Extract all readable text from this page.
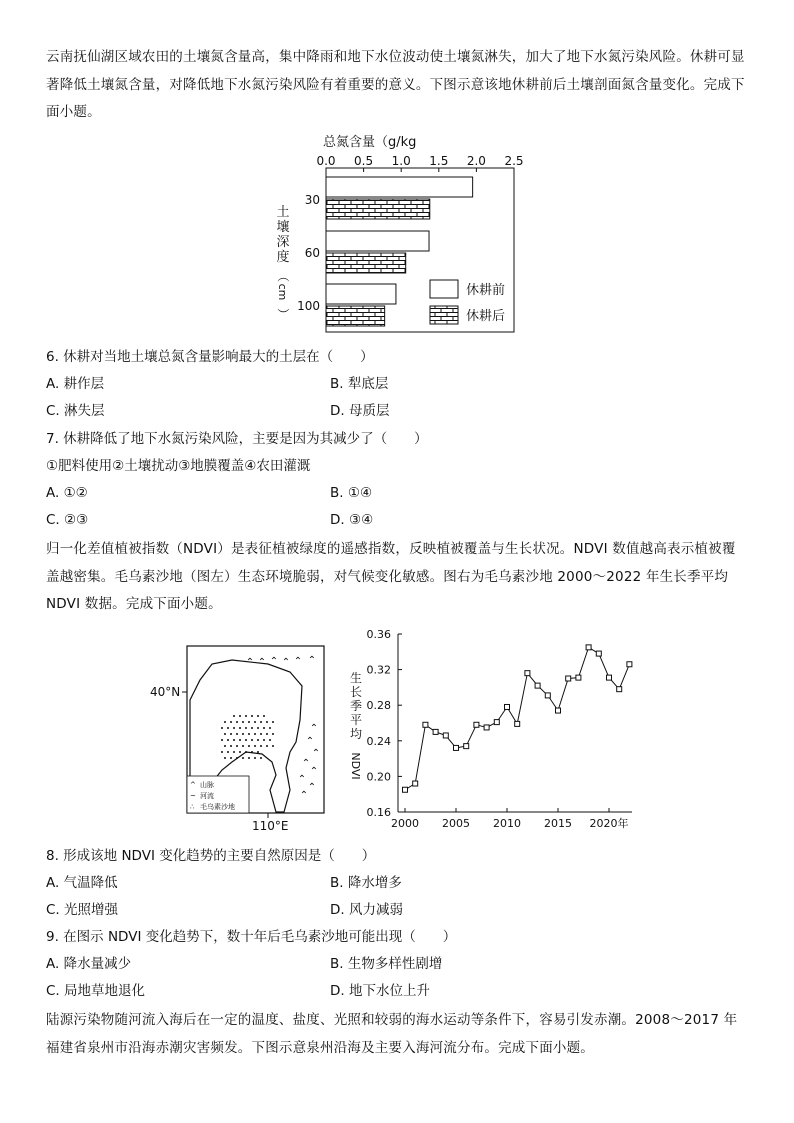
云南抚仙湖区域农田的土壤氮含量高，集中降雨和地下水位波动使土壤氮淋失，加大了地下水氮污染风险。休耕可显著降低土壤氮含量，对降低地下水氮污染风险有着重要的意义。下图示意该地休耕前后土壤剖面氮含量变化。完成下面小题。
总氮含量（g/kg
0.0 0.5 1.0 1.5 2.0 2.5
30
60
100
土
壤
深
度
（
cm
）
休耕前
休耕后
6. 休耕对当地土壤总氮含量影响最大的土层在（　　）
A. 耕作层	B. 犁底层
C. 淋失层	D. 母质层
7. 休耕降低了地下水氮污染风险，主要是因为其减少了（　　）
①肥料使用②土壤扰动③地膜覆盖④农田灌溉
A. ①②	B. ①④
C. ②③	D. ③④
归一化差值植被指数（NDVI）是表征植被绿度的遥感指数，反映植被覆盖与生长状况。NDVI 数值越高表示植被覆盖越密集。毛乌素沙地（图左）生态环境脆弱，对气候变化敏感。图右为毛乌素沙地 2000～2022 年生长季平均 NDVI 数据。完成下面小题。
⌃ ⌃ ⌃ ⌃ ⌃ ⌃
⌃
⌃
⌃
⌃
⌃
⌃
⌃
⌃
40°N
110°E
^ 山脉
~ 河流
∴ 毛乌素沙地
0.36
0.32
0.28
0.24
0.20
0.16
2000 2005 2010 2015 2020年
生
长
季
平
均
NDVI
8. 形成该地 NDVI 变化趋势的主要自然原因是（　　）
A. 气温降低	B. 降水增多
C. 光照增强	D. 风力减弱
9. 在图示 NDVI 变化趋势下，数十年后毛乌素沙地可能出现（　　）
A. 降水量减少	B. 生物多样性剧增
C. 局地草地退化	D. 地下水位上升
陆源污染物随河流入海后在一定的温度、盐度、光照和较弱的海水运动等条件下，容易引发赤潮。2008～2017 年福建省泉州市沿海赤潮灾害频发。下图示意泉州沿海及主要入海河流分布。完成下面小题。
